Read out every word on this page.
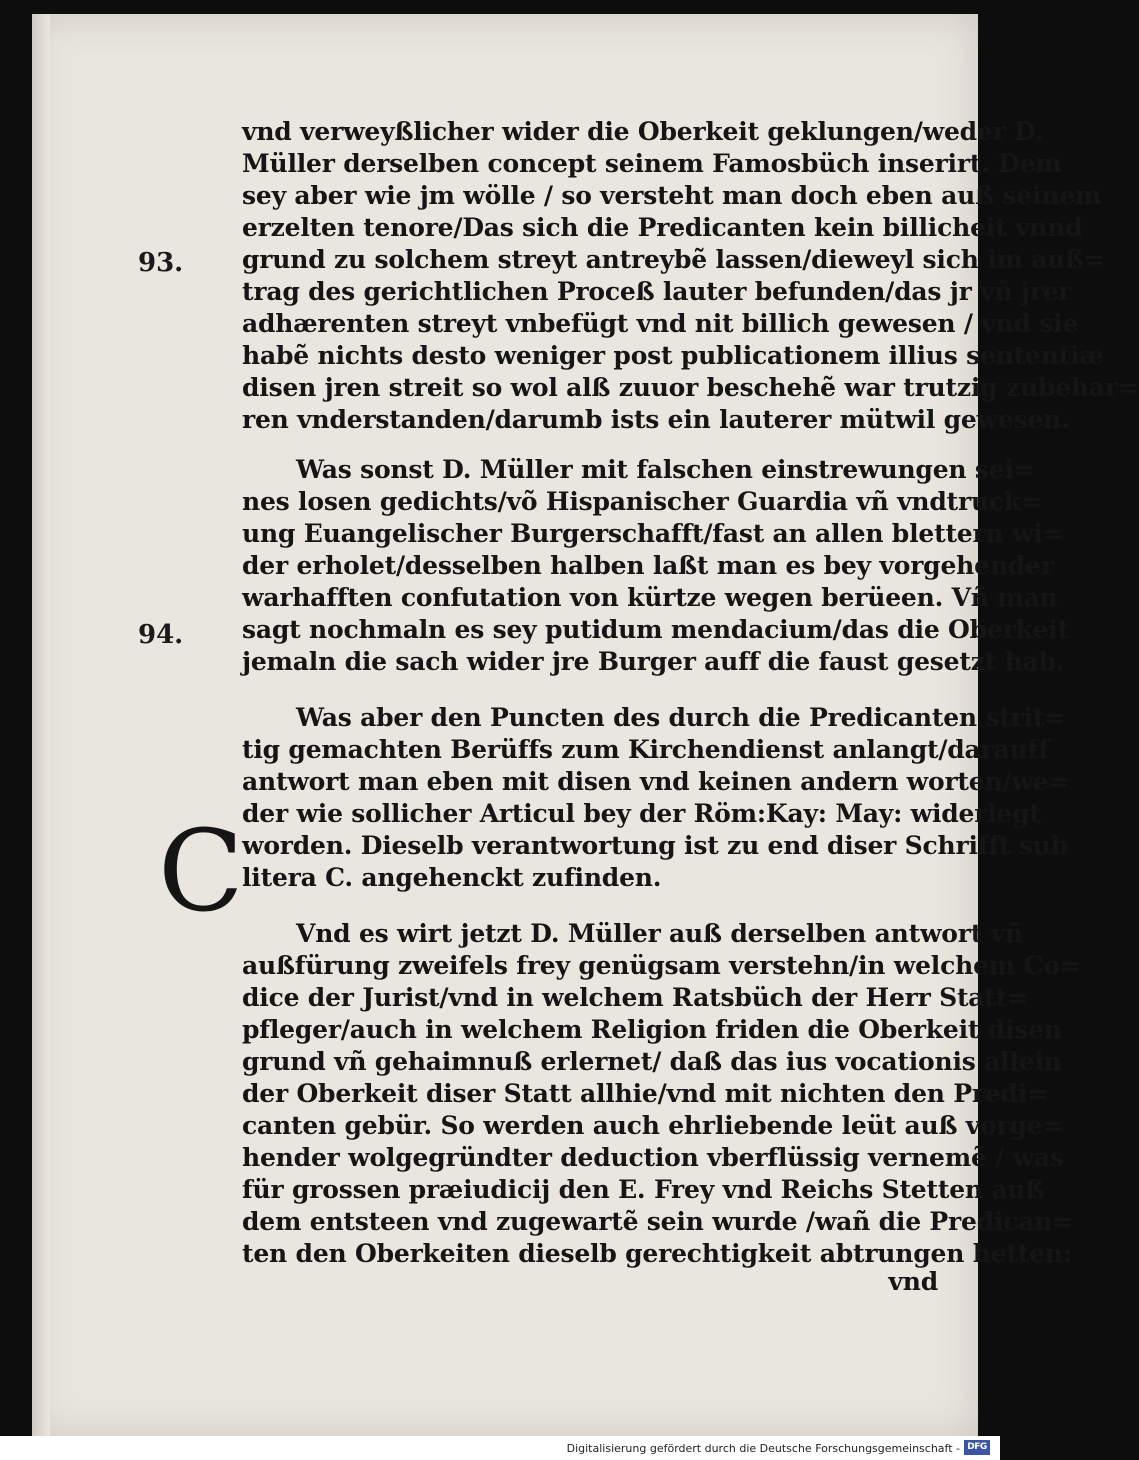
93.
94.
C
vnd verweyßlicher wider die Oberkeit geklungen/weder D.
Müller derselben concept seinem Famosbüch inserirt. Dem
sey aber wie jm wölle / so versteht man doch eben auß seinem
erzelten tenore/Das sich die Predicanten kein billicheit vnnd
grund zu solchem streyt antreybẽ lassen/dieweyl sich im auß=
trag des gerichtlichen Proceß lauter befunden/das jr vñ jrer
adhærenten streyt vnbefügt vnd nit billich gewesen / vnd sie
habẽ nichts desto weniger post publicationem illius sententiæ
disen jren streit so wol alß zuuor beschehẽ war trutzig zubehar=
ren vnderstanden/darumb ists ein lauterer mütwil gewesen.
Was sonst D. Müller mit falschen einstrewungen sei=
nes losen gedichts/võ Hispanischer Guardia vñ vndtruck=
ung Euangelischer Burgerschafft/fast an allen blettern wi=
der erholet/desselben halben laßt man es bey vorgehender
warhafften confutation von kürtze wegen berüeen. Vñ man
sagt nochmaln es sey putidum mendacium/das die Oberkeit
jemaln die sach wider jre Burger auff die faust gesetzt hab.
Was aber den Puncten des durch die Predicanten strit=
tig gemachten Berüffs zum Kirchendienst anlangt/darauff
antwort man eben mit disen vnd keinen andern worten/we=
der wie sollicher Articul bey der Röm:Kay: May: widerlegt
worden. Dieselb verantwortung ist zu end diser Schrifft sub
litera C. angehenckt zufinden.
Vnd es wirt jetzt D. Müller auß derselben antwort vñ
außfürung zweifels frey genügsam verstehn/in welchem Co=
dice der Jurist/vnd in welchem Ratsbüch der Herr Statt=
pfleger/auch in welchem Religion friden die Oberkeit disen
grund vñ gehaimnuß erlernet/ daß das ius vocationis allein
der Oberkeit diser Statt allhie/vnd mit nichten den Predi=
canten gebür. So werden auch ehrliebende leüt auß vorge=
hender wolgegründter deduction vberflüssig vernemẽ / was
für grossen præiudicij den E. Frey vnd Reichs Stetten auß
dem entsteen vnd zugewartẽ sein wurde /wañ die Predican=
ten den Oberkeiten dieselb gerechtigkeit abtrungen hetten:
vnd
Digitalisierung gefördert durch die Deutsche Forschungsgemeinschaft - DFG
